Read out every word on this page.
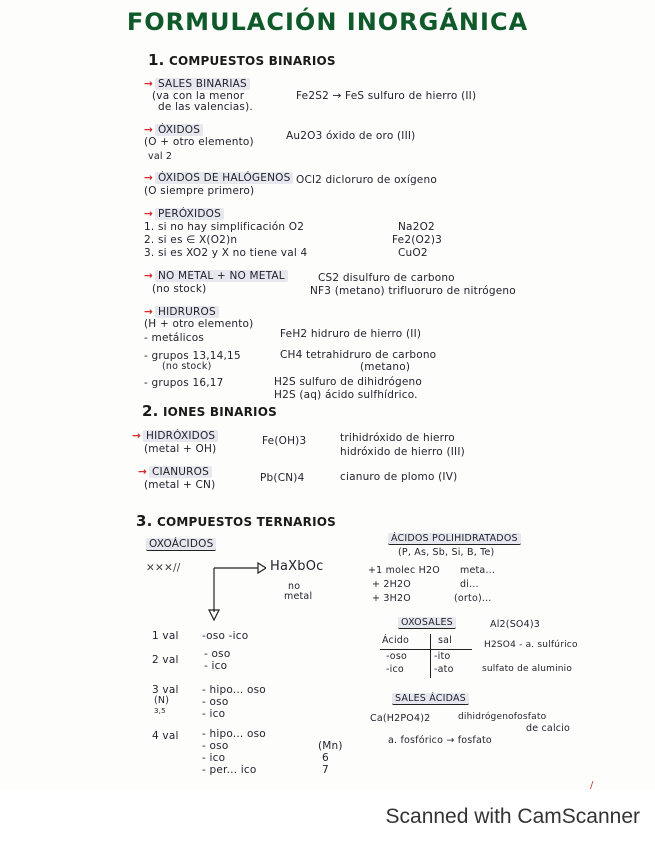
FORMULACIÓN INORGÁNICA
1. COMPUESTOS BINARIOS
→ SALES BINARIAS
(va con la menor
de las valencias).
Fe2S2 → FeS sulfuro de hierro (II)
→ ÓXIDOS
(O + otro elemento)
val 2
Au2O3 óxido de oro (III)
→ ÓXIDOS DE HALÓGENOS
(O siempre primero)
OCl2 dicloruro de oxígeno
→ PERÓXIDOS
1. si no hay simplificación O2
2. si es ∈ X(O2)n
3. si es XO2 y X no tiene val 4
Na2O2
Fe2(O2)3
CuO2
→ NO METAL + NO METAL
(no stock)
CS2 disulfuro de carbono
NF3 (metano) trifluoruro de nitrógeno
→ HIDRUROS
(H + otro elemento)
- metálicos	FeH2 hidruro de hierro (II)
- grupos 13,14,15
(no stock)
CH4 tetrahidruro de carbono
(metano)
- grupos 16,17	H2S sulfuro de dihidrógeno
H2S (aq) ácido sulfhídrico.
2. IONES BINARIOS
→ HIDRÓXIDOS
(metal + OH)
Fe(OH)3	trihidróxido de hierro
hidróxido de hierro (III)
→ CIANUROS
(metal + CN)
Pb(CN)4	cianuro de plomo (IV)
3. COMPUESTOS TERNARIOS
OXOÁCIDOS
✕✕✕//	HaXbOc
no
metal
1 val -oso -ico
2 val - oso
- ico
3 val
(N)
3,5
- hipo... oso
- oso
- ico
4 val - hipo... oso
- oso
- ico
- per... ico
(Mn)
6
7
ÁCIDOS POLIHIDRATADOS
(P, As, Sb, Si, B, Te)
+1 molec H2O meta...
+ 2H2O	di...
+ 3H2O	(orto)...
OXOSALES
Ácido	sal
-oso	-ito
-ico	-ato
Al2(SO4)3
H2SO4 - a. sulfúrico
sulfato de aluminio
SALES ÁCIDAS
Ca(H2PO4)2	dihidrógenofosfato
de calcio
a. fosfórico → fosfato
/
Scanned with CamScanner
